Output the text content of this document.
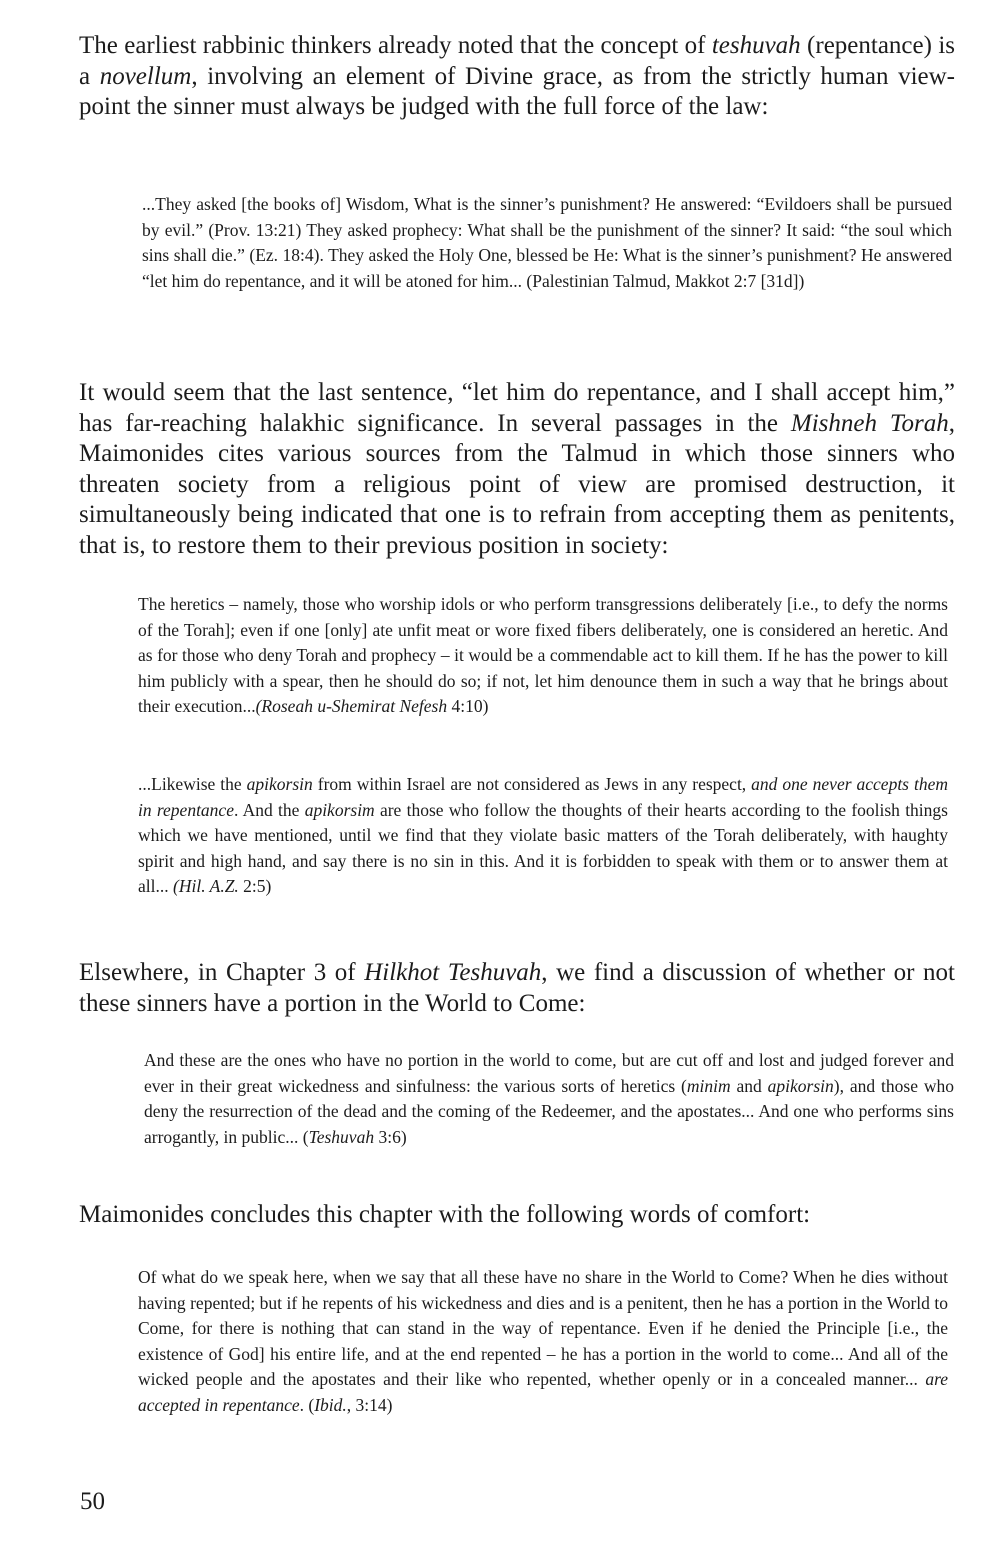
The earliest rabbinic thinkers already noted that the concept of teshuvah (repentance) is a novellum, involving an element of Divine grace, as from the strictly human view-point the sinner must always be judged with the full force of the law:

...They asked [the books of] Wisdom, What is the sinner’s punishment? He answered: “Evildoers shall be pursued by evil.” (Prov. 13:21) They asked prophecy: What shall be the punishment of the sinner? It said: “the soul which sins shall die.” (Ez. 18:4). They asked the Holy One, blessed be He: What is the sinner’s punishment? He answered “let him do repentance, and it will be atoned for him... (Palestinian Talmud, Makkot 2:7 [31d])

It would seem that the last sentence, “let him do repentance, and I shall accept him,” has far-reaching halakhic significance. In several passages in the Mishneh Torah, Maimonides cites various sources from the Talmud in which those sinners who threaten society from a religious point of view are promised destruction, it simultaneously being indicated that one is to refrain from accepting them as penitents, that is, to restore them to their previous position in society:

The heretics – namely, those who worship idols or who perform transgressions deliberately [i.e., to defy the norms of the Torah]; even if one [only] ate unfit meat or wore fixed fibers deliberately, one is considered an heretic. And as for those who deny Torah and prophecy – it would be a commendable act to kill them. If he has the power to kill him publicly with a spear, then he should do so; if not, let him denounce them in such a way that he brings about their execution...(Roseah u-Shemirat Nefesh 4:10)

...Likewise the apikorsin from within Israel are not considered as Jews in any respect, and one never accepts them in repentance. And the apikorsim are those who follow the thoughts of their hearts according to the foolish things which we have mentioned, until we find that they violate basic matters of the Torah deliberately, with haughty spirit and high hand, and say there is no sin in this. And it is forbidden to speak with them or to answer them at all... (Hil. A.Z. 2:5)

Elsewhere, in Chapter 3 of Hilkhot Teshuvah, we find a discussion of whether or not these sinners have a portion in the World to Come:

And these are the ones who have no portion in the world to come, but are cut off and lost and judged forever and ever in their great wickedness and sinfulness: the various sorts of heretics (minim and apikorsin), and those who deny the resurrection of the dead and the coming of the Redeemer, and the apostates... And one who performs sins arrogantly, in public... (Teshuvah 3:6)

Maimonides concludes this chapter with the following words of comfort:

Of what do we speak here, when we say that all these have no share in the World to Come? When he dies without having repented; but if he repents of his wickedness and dies and is a penitent, then he has a portion in the World to Come, for there is nothing that can stand in the way of repentance. Even if he denied the Principle [i.e., the existence of God] his entire life, and at the end repented – he has a portion in the world to come... And all of the wicked people and the apostates and their like who repented, whether openly or in a concealed manner... are accepted in repentance. (Ibid., 3:14)

50
